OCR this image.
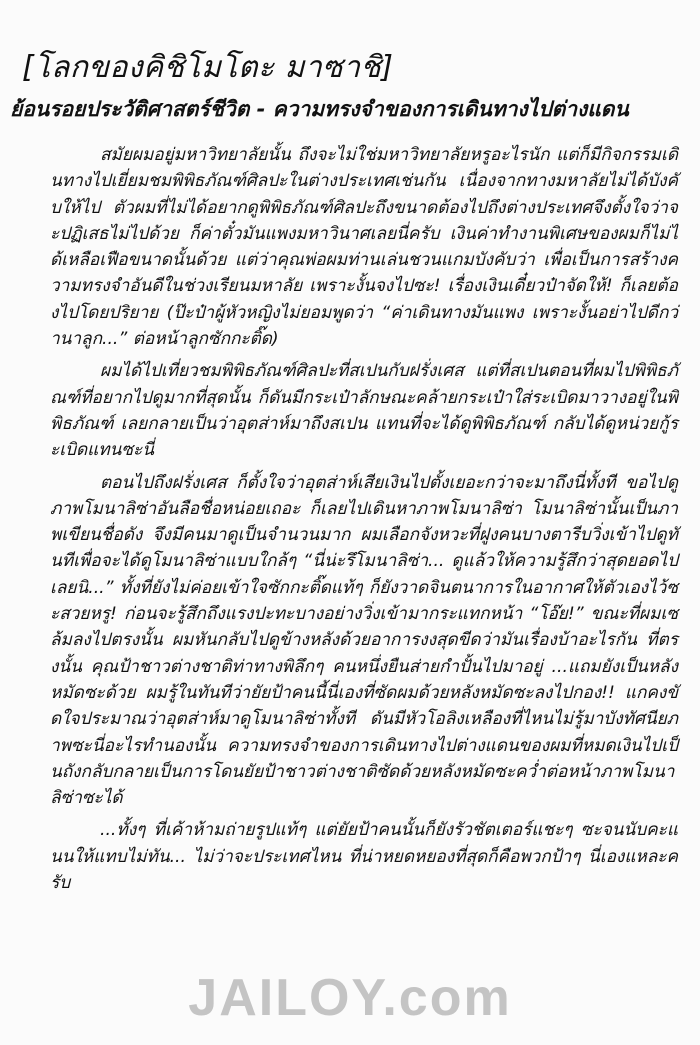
[โลกของคิชิโมโตะ มาซาชิ]
ย้อนรอยประวัติศาสตร์ชีวิต - ความทรงจำของการเดินทางไปต่างแดน

สมัยผมอยู่มหาวิทยาลัยนั้น ถึงจะไม่ใช่มหาวิทยาลัยหรูอะไรนัก แต่ก็มีกิจกรรมเดินทางไปเยี่ยมชมพิพิธภัณฑ์ศิลปะในต่างประเทศเช่นกัน เนื่องจากทางมหาลัยไม่ได้บังคับให้ไป ตัวผมที่ไม่ได้อยากดูพิพิธภัณฑ์ศิลปะถึงขนาดต้องไปถึงต่างประเทศจึงตั้งใจว่าจะปฏิเสธไม่ไปด้วย ก็ค่าตั๋วมันแพงมหาวินาศเลยนี่ครับ เงินค่าทำงานพิเศษของผมก็ไม่ได้เหลือเฟือขนาดนั้นด้วย แต่ว่าคุณพ่อผมท่านเล่นชวนแกมบังคับว่า เพื่อเป็นการสร้างความทรงจำอันดีในช่วงเรียนมหาลัย เพราะงั้นจงไปซะ! เรื่องเงินเดี๋ยวป๋าจัดให้! ก็เลยต้องไปโดยปริยาย (ป๊ะป๋าผู้หัวหญิงไม่ยอมพูดว่า “ค่าเดินทางมันแพง เพราะงั้นอย่าไปดีกว่านาลูก...” ต่อหน้าลูกซักกะติ๊ด)

ผมได้ไปเที่ยวชมพิพิธภัณฑ์ศิลปะที่สเปนกับฝรั่งเศส แต่ที่สเปนตอนที่ผมไปพิพิธภัณฑ์ที่อยากไปดูมากที่สุดนั้น ก็ดันมีกระเป๋าลักษณะคล้ายกระเป๋าใส่ระเบิดมาวางอยู่ในพิพิธภัณฑ์ เลยกลายเป็นว่าอุตส่าห์มาถึงสเปน แทนที่จะได้ดูพิพิธภัณฑ์ กลับได้ดูหน่วยกู้ระเบิดแทนซะนี่

ตอนไปถึงฝรั่งเศส ก็ตั้งใจว่าอุตส่าห์เสียเงินไปตั้งเยอะกว่าจะมาถึงนี่ทั้งที ขอไปดูภาพโมนาลิซ่าอันลือชื่อหน่อยเถอะ ก็เลยไปเดินหาภาพโมนาลิซ่า โมนาลิซ่านั้นเป็นภาพเขียนชื่อดัง จึงมีคนมาดูเป็นจำนวนมาก ผมเลือกจังหวะที่ฝูงคนบางตารีบวิ่งเข้าไปดูทันทีเพื่อจะได้ดูโมนาลิซ่าแบบใกล้ๆ “นี่น่ะรึโมนาลิซ่า... ดูแล้วให้ความรู้สึกว่าสุดยอดไปเลยนิ...” ทั้งที่ยังไม่ค่อยเข้าใจซักกะติ๊ดแท้ๆ ก็ยังวาดจินตนาการในอากาศให้ตัวเองไว้ซะสวยหรู! ก่อนจะรู้สึกถึงแรงปะทะบางอย่างวิ่งเข้ามากระแทกหน้า “โอ๊ย!” ขณะที่ผมเซล้มลงไปตรงนั้น ผมหันกลับไปดูข้างหลังด้วยอาการงงสุดขีดว่ามันเรื่องบ้าอะไรกัน ที่ตรงนั้น คุณป้าชาวต่างชาติท่าทางพิลึกๆ คนหนึ่งยืนส่ายกำปั้นไปมาอยู่ ...แถมยังเป็นหลังหมัดซะด้วย ผมรู้ในทันทีว่ายัยป้าคนนี้นี่เองที่ซัดผมด้วยหลังหมัดซะลงไปกอง!! แกคงขัดใจประมาณว่าอุตส่าห์มาดูโมนาลิซ่าทั้งที ดันมีหัวโอลิงเหลืองที่ไหนไม่รู้มาบังทัศนียภาพซะนี่อะไรทำนองนั้น ความทรงจำของการเดินทางไปต่างแดนของผมที่หมดเงินไปเป็นถังกลับกลายเป็นการโดนยัยป้าชาวต่างชาติซัดด้วยหลังหมัดซะคว่ำต่อหน้าภาพโมนาลิซ่าซะได้

...ทั้งๆ ที่เค้าห้ามถ่ายรูปแท้ๆ แต่ยัยป้าคนนั้นก็ยังรัวชัตเตอร์แชะๆ ซะจนนับคะแนนให้แทบไม่ทัน... ไม่ว่าจะประเทศไหน ที่น่าหยดหยองที่สุดก็คือพวกป้าๆ นี่เองแหละครับ

JAILOY.com
